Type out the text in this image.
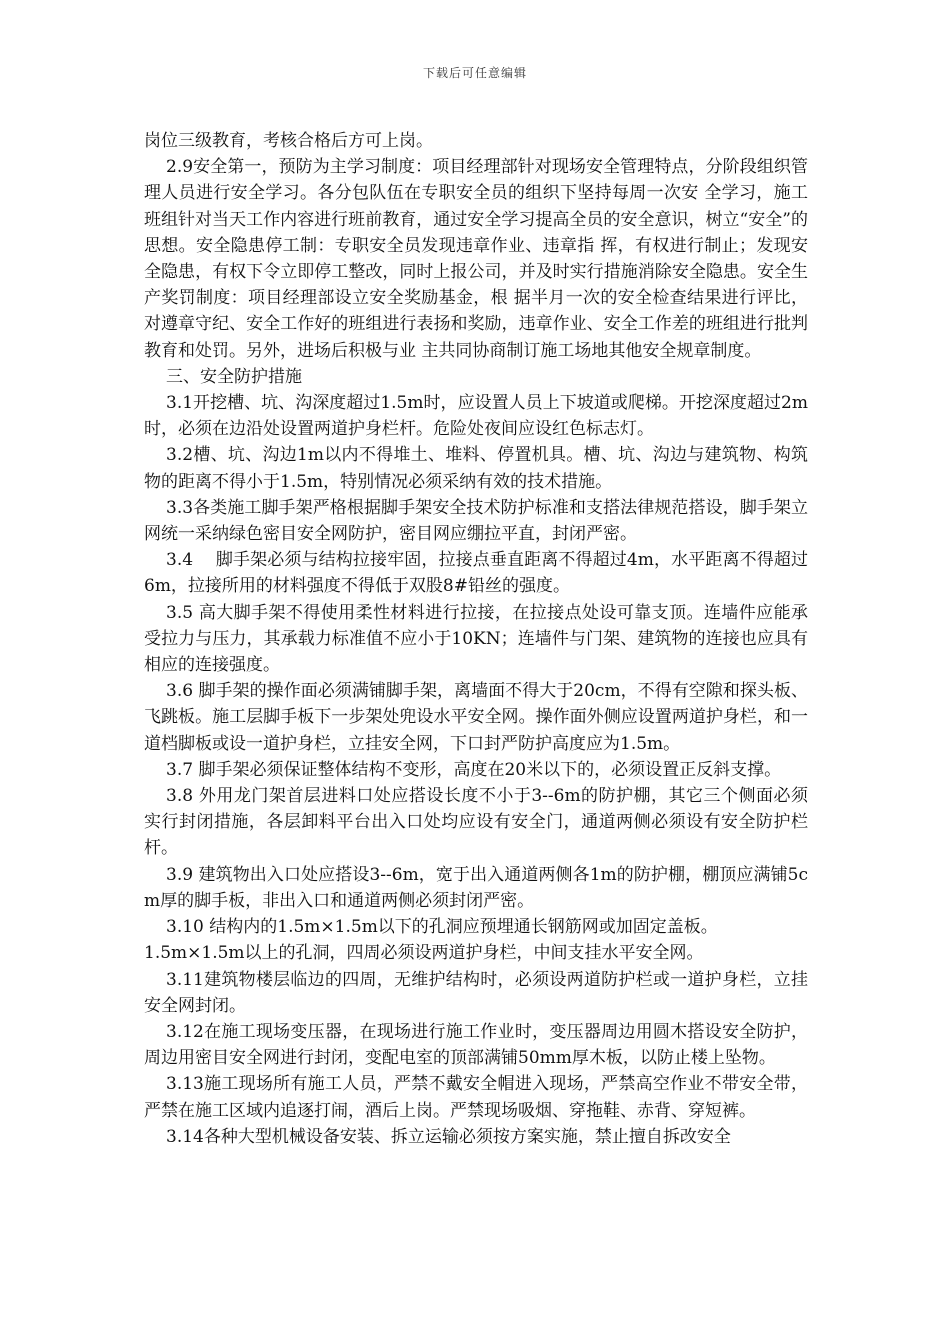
下载后可任意编辑

岗位三级教育，考核合格后方可上岗。

2.9安全第一，预防为主学习制度：项目经理部针对现场安全管理特点，分阶段组织管理人员进行安全学习。各分包队伍在专职安全员的组织下坚持每周一次安 全学习，施工班组针对当天工作内容进行班前教育，通过安全学习提高全员的安全意识，树立“安全”的思想。安全隐患停工制：专职安全员发现违章作业、违章指 挥，有权进行制止；发现安全隐患，有权下令立即停工整改，同时上报公司，并及时实行措施消除安全隐患。安全生产奖罚制度：项目经理部设立安全奖励基金，根 据半月一次的安全检查结果进行评比，对遵章守纪、安全工作好的班组进行表扬和奖励，违章作业、安全工作差的班组进行批判教育和处罚。另外，进场后积极与业 主共同协商制订施工场地其他安全规章制度。

三、安全防护措施

3.1开挖槽、坑、沟深度超过1.5m时，应设置人员上下坡道或爬梯。开挖深度超过2m时，必须在边沿处设置两道护身栏杆。危险处夜间应设红色标志灯。

3.2槽、坑、沟边1m以内不得堆土、堆料、停置机具。槽、坑、沟边与建筑物、构筑物的距离不得小于1.5m，特别情况必须采纳有效的技术措施。

3.3各类施工脚手架严格根据脚手架安全技术防护标准和支搭法律规范搭设，脚手架立网统一采纳绿色密目安全网防护，密目网应绷拉平直，封闭严密。

3.4　 脚手架必须与结构拉接牢固，拉接点垂直距离不得超过4m，水平距离不得超过6m，拉接所用的材料强度不得低于双股8#铅丝的强度。

3.5 高大脚手架不得使用柔性材料进行拉接，在拉接点处设可靠支顶。连墙件应能承受拉力与压力，其承载力标准值不应小于10KN；连墙件与门架、建筑物的连接也应具有相应的连接强度。

3.6 脚手架的操作面必须满铺脚手架，离墙面不得大于20cm，不得有空隙和探头板、飞跳板。施工层脚手板下一步架处兜设水平安全网。操作面外侧应设置两道护身栏，和一道档脚板或设一道护身栏，立挂安全网，下口封严防护高度应为1.5m。

3.7 脚手架必须保证整体结构不变形，高度在20米以下的，必须设置正反斜支撑。

3.8 外用龙门架首层进料口处应搭设长度不小于3--6m的防护棚，其它三个侧面必须实行封闭措施，各层卸料平台出入口处均应设有安全门，通道两侧必须设有安全防护栏杆。

3.9 建筑物出入口处应搭设3--6m，宽于出入通道两侧各1m的防护棚，棚顶应满铺5cm厚的脚手板，非出入口和通道两侧必须封闭严密。

3.10 结构内的1.5m×1.5m以下的孔洞应预埋通长钢筋网或加固定盖板。

1.5m×1.5m以上的孔洞，四周必须设两道护身栏，中间支挂水平安全网。

3.11建筑物楼层临边的四周，无维护结构时，必须设两道防护栏或一道护身栏，立挂安全网封闭。

3.12在施工现场变压器，在现场进行施工作业时，变压器周边用圆木搭设安全防护，周边用密目安全网进行封闭，变配电室的顶部满铺50mm厚木板，以防止楼上坠物。

3.13施工现场所有施工人员，严禁不戴安全帽进入现场，严禁高空作业不带安全带，严禁在施工区域内追逐打闹，酒后上岗。严禁现场吸烟、穿拖鞋、赤背、穿短裤。

3.14各种大型机械设备安装、拆立运输必须按方案实施，禁止擅自拆改安全
